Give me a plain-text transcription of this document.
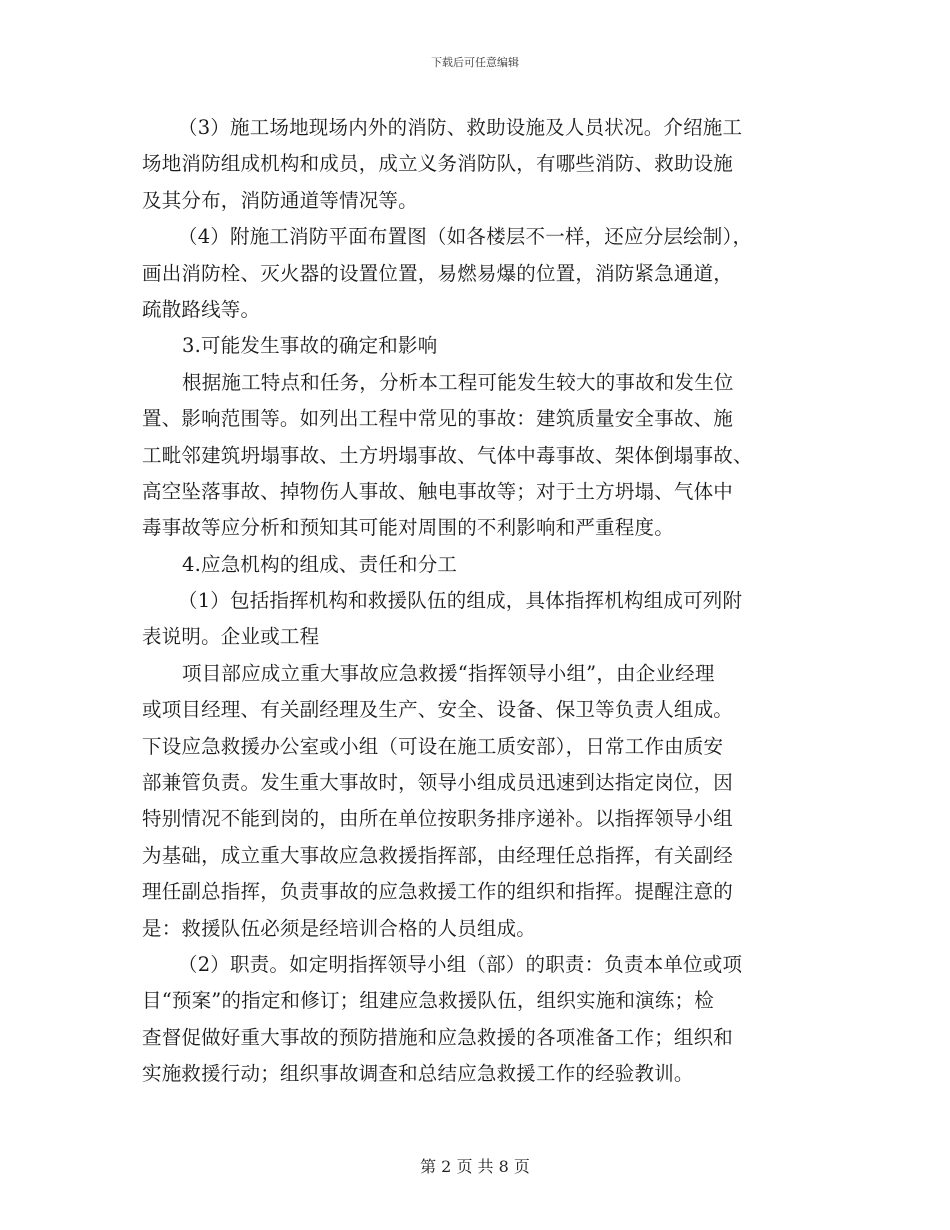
下载后可任意编辑
（3）施工场地现场内外的消防、救助设施及人员状况。介绍施工
场地消防组成机构和成员，成立义务消防队，有哪些消防、救助设施
及其分布，消防通道等情况等。
（4）附施工消防平面布置图（如各楼层不一样，还应分层绘制），
画出消防栓、灭火器的设置位置，易燃易爆的位置，消防紧急通道，
疏散路线等。
3.可能发生事故的确定和影响
根据施工特点和任务，分析本工程可能发生较大的事故和发生位
置、影响范围等。如列出工程中常见的事故：建筑质量安全事故、施
工毗邻建筑坍塌事故、土方坍塌事故、气体中毒事故、架体倒塌事故、
高空坠落事故、掉物伤人事故、触电事故等；对于土方坍塌、气体中
毒事故等应分析和预知其可能对周围的不利影响和严重程度。
4.应急机构的组成、责任和分工
（1）包括指挥机构和救援队伍的组成，具体指挥机构组成可列附
表说明。企业或工程
项目部应成立重大事故应急救援“指挥领导小组”，由企业经理
或项目经理、有关副经理及生产、安全、设备、保卫等负责人组成。
下设应急救援办公室或小组（可设在施工质安部），日常工作由质安
部兼管负责。发生重大事故时，领导小组成员迅速到达指定岗位，因
特别情况不能到岗的，由所在单位按职务排序递补。以指挥领导小组
为基础，成立重大事故应急救援指挥部，由经理任总指挥，有关副经
理任副总指挥，负责事故的应急救援工作的组织和指挥。提醒注意的
是：救援队伍必须是经培训合格的人员组成。
（2）职责。如定明指挥领导小组（部）的职责：负责本单位或项
目“预案”的指定和修订；组建应急救援队伍，组织实施和演练；检
查督促做好重大事故的预防措施和应急救援的各项准备工作；组织和
实施救援行动；组织事故调查和总结应急救援工作的经验教训。
第 2 页 共 8 页
